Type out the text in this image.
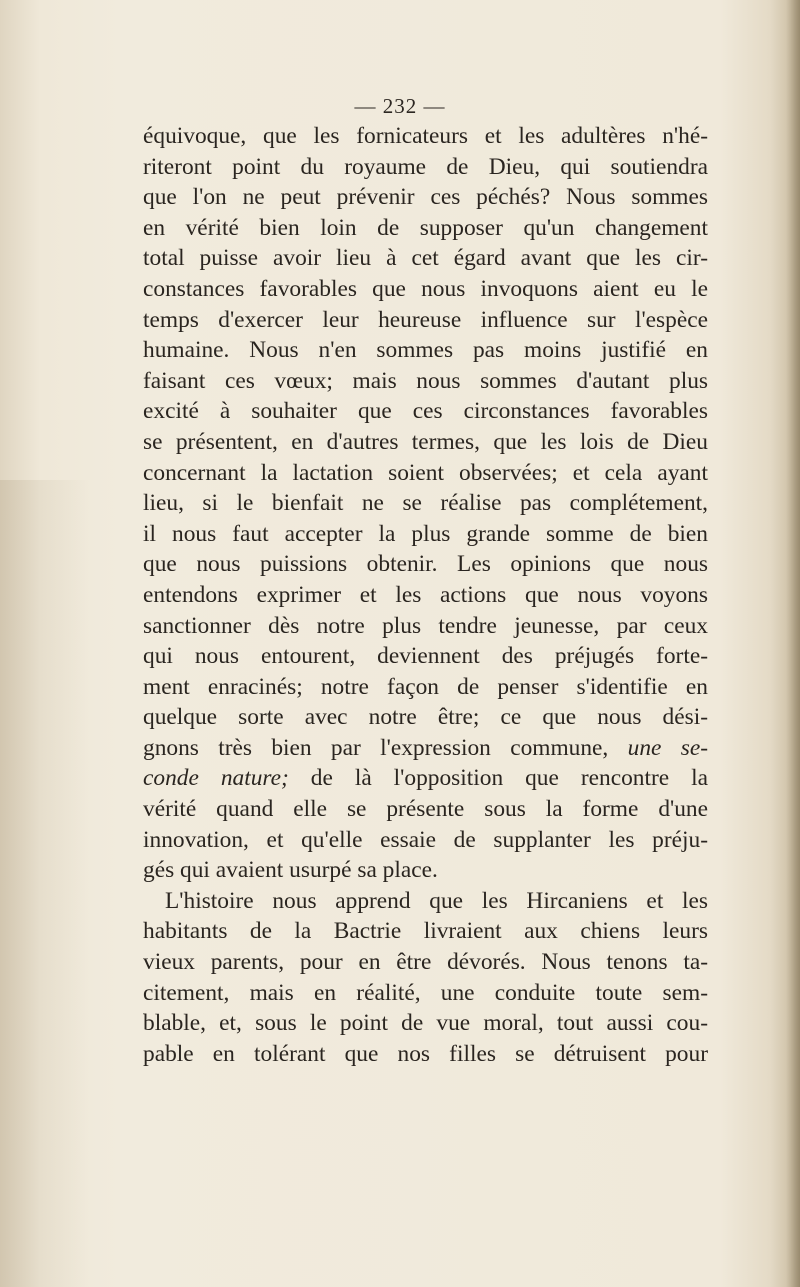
— 232 —
équivoque, que les fornicateurs et les adultères n'hé-
riteront point du royaume de Dieu, qui soutiendra
que l'on ne peut prévenir ces péchés? Nous sommes
en vérité bien loin de supposer qu'un changement
total puisse avoir lieu à cet égard avant que les cir-
constances favorables que nous invoquons aient eu le
temps d'exercer leur heureuse influence sur l'espèce
humaine. Nous n'en sommes pas moins justifié en
faisant ces vœux; mais nous sommes d'autant plus
excité à souhaiter que ces circonstances favorables
se présentent, en d'autres termes, que les lois de Dieu
concernant la lactation soient observées; et cela ayant
lieu, si le bienfait ne se réalise pas complétement,
il nous faut accepter la plus grande somme de bien
que nous puissions obtenir. Les opinions que nous
entendons exprimer et les actions que nous voyons
sanctionner dès notre plus tendre jeunesse, par ceux
qui nous entourent, deviennent des préjugés forte-
ment enracinés; notre façon de penser s'identifie en
quelque sorte avec notre être; ce que nous dési-
gnons très bien par l'expression commune, une se-
conde nature; de là l'opposition que rencontre la
vérité quand elle se présente sous la forme d'une
innovation, et qu'elle essaie de supplanter les préju-
gés qui avaient usurpé sa place.
L'histoire nous apprend que les Hircaniens et les
habitants de la Bactrie livraient aux chiens leurs
vieux parents, pour en être dévorés. Nous tenons ta-
citement, mais en réalité, une conduite toute sem-
blable, et, sous le point de vue moral, tout aussi cou-
pable en tolérant que nos filles se détruisent pour
